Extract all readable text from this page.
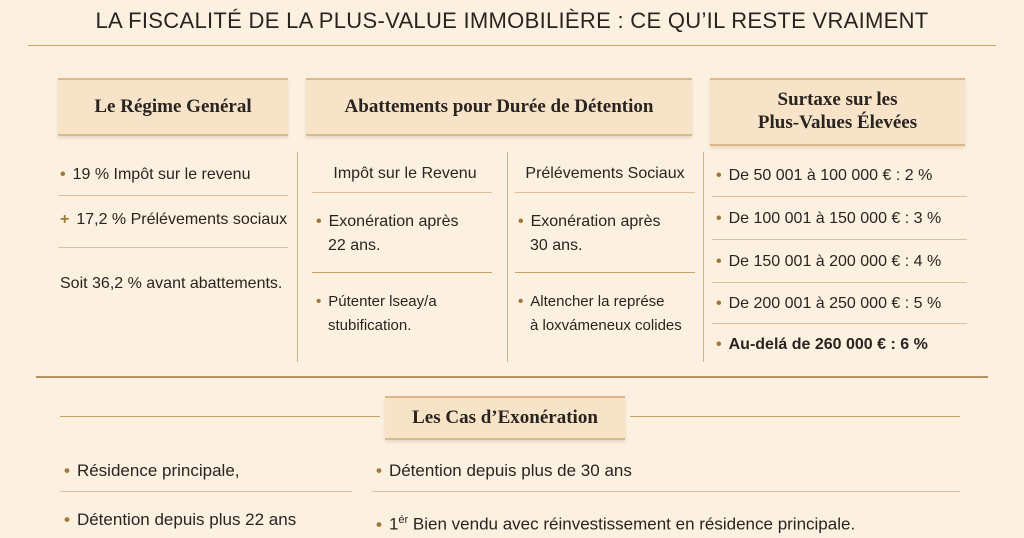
LA FISCALITÉ DE LA PLUS-VALUE IMMOBILIÈRE : CE QU’IL RESTE VRAIMENT
Le Régime Genéral
• 19 % Impôt sur le revenu
+ 17,2 % Prélévements sociaux
Soit 36,2 % avant abattements.
Abattements pour Durée de Détention
Impôt sur le Revenu
• Exonération après
22 ans.
• Pútenter lseay/a
stubification.
Prélévements Sociaux
• Exonération après
30 ans.
• Altencher la représe
à loxvámenеux colides
Surtaxe sur les
Plus-Values Élevées
• De 50 001 à 100 000 € : 2 %
• De 100 001 à 150 000 € : 3 %
• De 150 001 à 200 000 € : 4 %
• De 200 001 à 250 000 € : 5 %
• Au-delá de 260 000 € : 6 %
Les Cas d’Exonération
• Résidence principale,
• Détention depuis plus 22 ans
• Détention depuis plus de 30 ans
• $1^{ér}$ Bien vendu avec réinvestissement en résidence principale.
